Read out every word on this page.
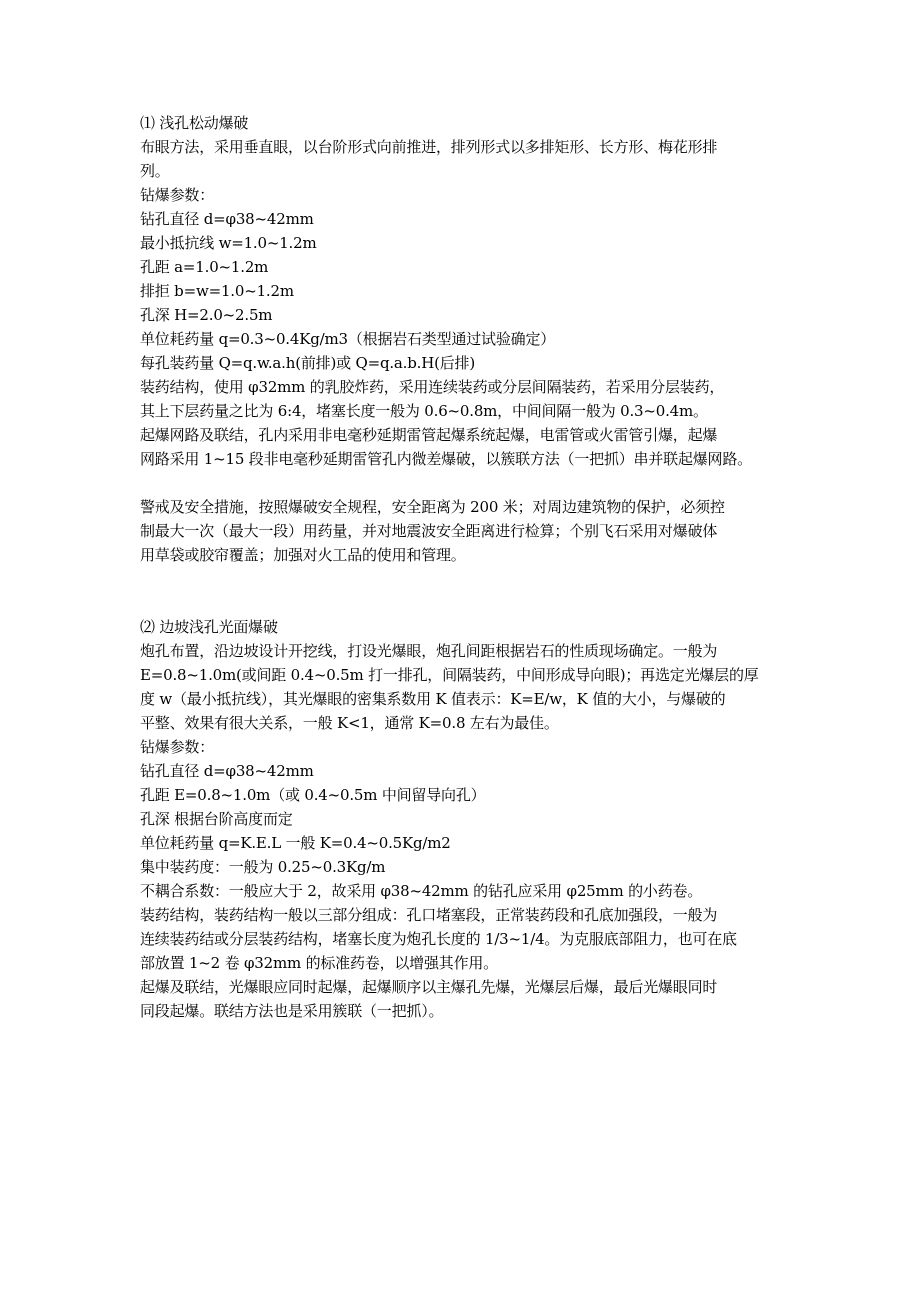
⑴ 浅孔松动爆破
布眼方法，采用垂直眼，以台阶形式向前推进，排列形式以多排矩形、长方形、梅花形排
列。
钻爆参数：
钻孔直径 d=φ38~42mm
最小抵抗线 w=1.0~1.2m
孔距 a=1.0~1.2m
排拒 b=w=1.0~1.2m
孔深 H=2.0~2.5m
单位耗药量 q=0.3~0.4Kg/m3（根据岩石类型通过试验确定）
每孔装药量 Q=q.w.a.h(前排)或 Q=q.a.b.H(后排)
装药结构，使用 φ32mm 的乳胶炸药，采用连续装药或分层间隔装药，若采用分层装药，
其上下层药量之比为 6:4，堵塞长度一般为 0.6~0.8m，中间间隔一般为 0.3~0.4m。
起爆网路及联结，孔内采用非电毫秒延期雷管起爆系统起爆，电雷管或火雷管引爆，起爆
网路采用 1~15 段非电毫秒延期雷管孔内微差爆破，以簇联方法（一把抓）串并联起爆网路。
警戒及安全措施，按照爆破安全规程，安全距离为 200 米；对周边建筑物的保护，必须控
制最大一次（最大一段）用药量，并对地震波安全距离进行检算；个别飞石采用对爆破体
用草袋或胶帘覆盖；加强对火工品的使用和管理。
⑵ 边坡浅孔光面爆破
炮孔布置，沿边坡设计开挖线，打设光爆眼，炮孔间距根据岩石的性质现场确定。一般为
E=0.8~1.0m(或间距 0.4~0.5m 打一排孔，间隔装药，中间形成导向眼)；再选定光爆层的厚
度 w（最小抵抗线），其光爆眼的密集系数用 K 值表示：K=E/w，K 值的大小，与爆破的
平整、效果有很大关系，一般 K<1，通常 K=0.8 左右为最佳。
钻爆参数：
钻孔直径 d=φ38~42mm
孔距 E=0.8~1.0m（或 0.4~0.5m 中间留导向孔）
孔深 根据台阶高度而定
单位耗药量 q=K.E.L 一般 K=0.4~0.5Kg/m2
集中装药度：一般为 0.25~0.3Kg/m
不耦合系数：一般应大于 2，故采用 φ38~42mm 的钻孔应采用 φ25mm 的小药卷。
装药结构，装药结构一般以三部分组成：孔口堵塞段，正常装药段和孔底加强段，一般为
连续装药结或分层装药结构，堵塞长度为炮孔长度的 1/3~1/4。为克服底部阻力，也可在底
部放置 1~2 卷 φ32mm 的标准药卷，以增强其作用。
起爆及联结，光爆眼应同时起爆，起爆顺序以主爆孔先爆，光爆层后爆，最后光爆眼同时
同段起爆。联结方法也是采用簇联（一把抓）。
